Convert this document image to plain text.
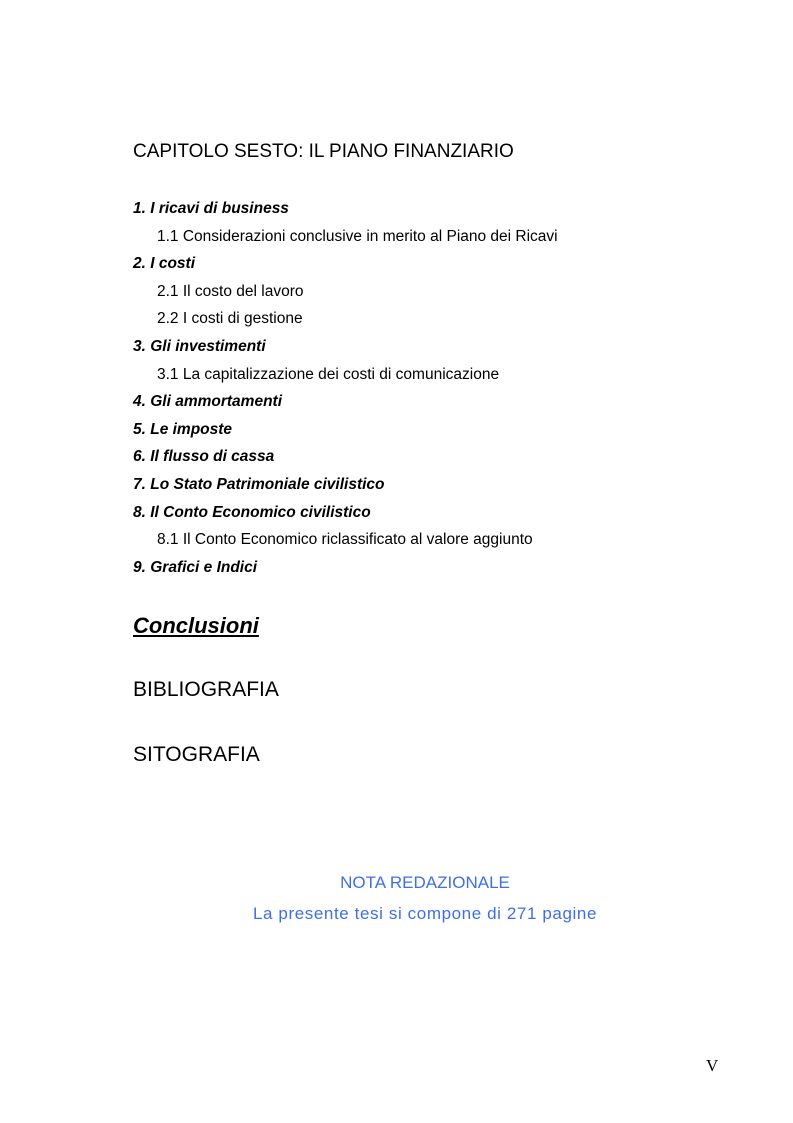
CAPITOLO SESTO: IL PIANO FINANZIARIO
1. I ricavi di business
1.1 Considerazioni conclusive in merito al Piano dei Ricavi
2. I costi
2.1 Il costo del lavoro
2.2 I costi di gestione
3. Gli investimenti
3.1 La capitalizzazione dei costi di comunicazione
4. Gli ammortamenti
5. Le imposte
6. Il flusso di cassa
7. Lo Stato Patrimoniale civilistico
8. Il Conto Economico civilistico
8.1 Il Conto Economico riclassificato al valore aggiunto
9. Grafici e Indici
Conclusioni
BIBLIOGRAFIA
SITOGRAFIA
NOTA REDAZIONALE
La presente tesi si compone di 271 pagine
V
